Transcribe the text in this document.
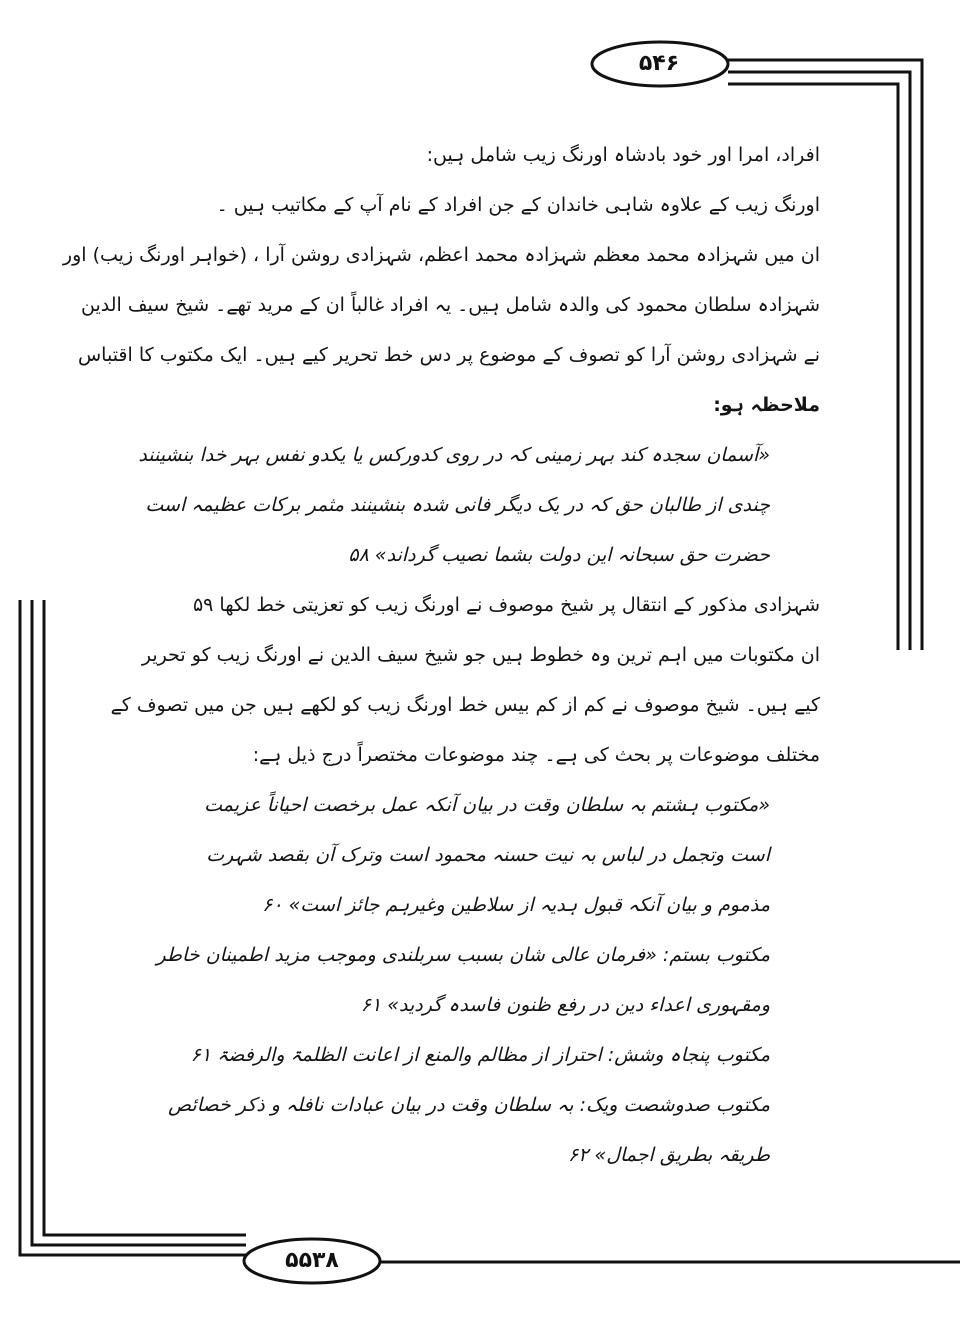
۵۴۶
۵۵۳۸
افراد، امرا اور خود بادشاہ اورنگ زیب شامل ہیں:
اورنگ زیب کے علاوہ شاہی خاندان کے جن افراد کے نام آپ کے مکاتیب ہیں ۔
ان میں شہزادہ محمد معظم شہزادہ محمد اعظم، شہزادی روشن آرا ، (خواہر اورنگ زیب) اور
شہزادہ سلطان محمود کی والدہ شامل ہیں۔ یہ افراد غالباً ان کے مرید تھے۔ شیخ سیف الدین
نے شہزادی روشن آرا کو تصوف کے موضوع پر دس خط تحریر کیے ہیں۔ ایک مکتوب کا اقتباس
ملاحظہ ہو:
«آسمان سجدہ کند بہر زمینی کہ در روی کدورکس یا یکدو نفس بہر خدا بنشینند
چندی از طالبان حق کہ در یک دیگر فانی شدہ بنشینند مثمر برکات عظیمہ است
حضرت حق سبحانہ این دولت بشما نصیب گرداند» ۵۸
شہزادی مذکور کے انتقال پر شیخ موصوف نے اورنگ زیب کو تعزیتی خط لکھا ۵۹
ان مکتوبات میں اہم ترین وہ خطوط ہیں جو شیخ سیف الدین نے اورنگ زیب کو تحریر
کیے ہیں۔ شیخ موصوف نے کم از کم بیس خط اورنگ زیب کو لکھے ہیں جن میں تصوف کے
مختلف موضوعات پر بحث کی ہے۔ چند موضوعات مختصراً درج ذیل ہے:
«مکتوب ہشتم بہ سلطان وقت در بیان آنکہ عمل برخصت احیاناً عزیمت
است وتجمل در لباس بہ نیت حسنہ محمود است وترک آن بقصد شہرت
مذموم و بیان آنکہ قبول ہدیہ از سلاطین وغیرہم جائز است» ۶۰
مکتوب بستم: «فرمان عالی شان بسبب سربلندی وموجب مزید اطمینان خاطر
ومقہوری اعداء دین در رفع ظنون فاسدہ گردید» ۶۱
مکتوب پنجاہ وشش: احتراز از مظالم والمنع از اعانت الظلمۃ والرفضۃ ۶۱
مکتوب صدوشصت ویک: بہ سلطان وقت در بیان عبادات نافلہ و ذکر خصائص
طریقہ بطریق اجمال» ۶۲
